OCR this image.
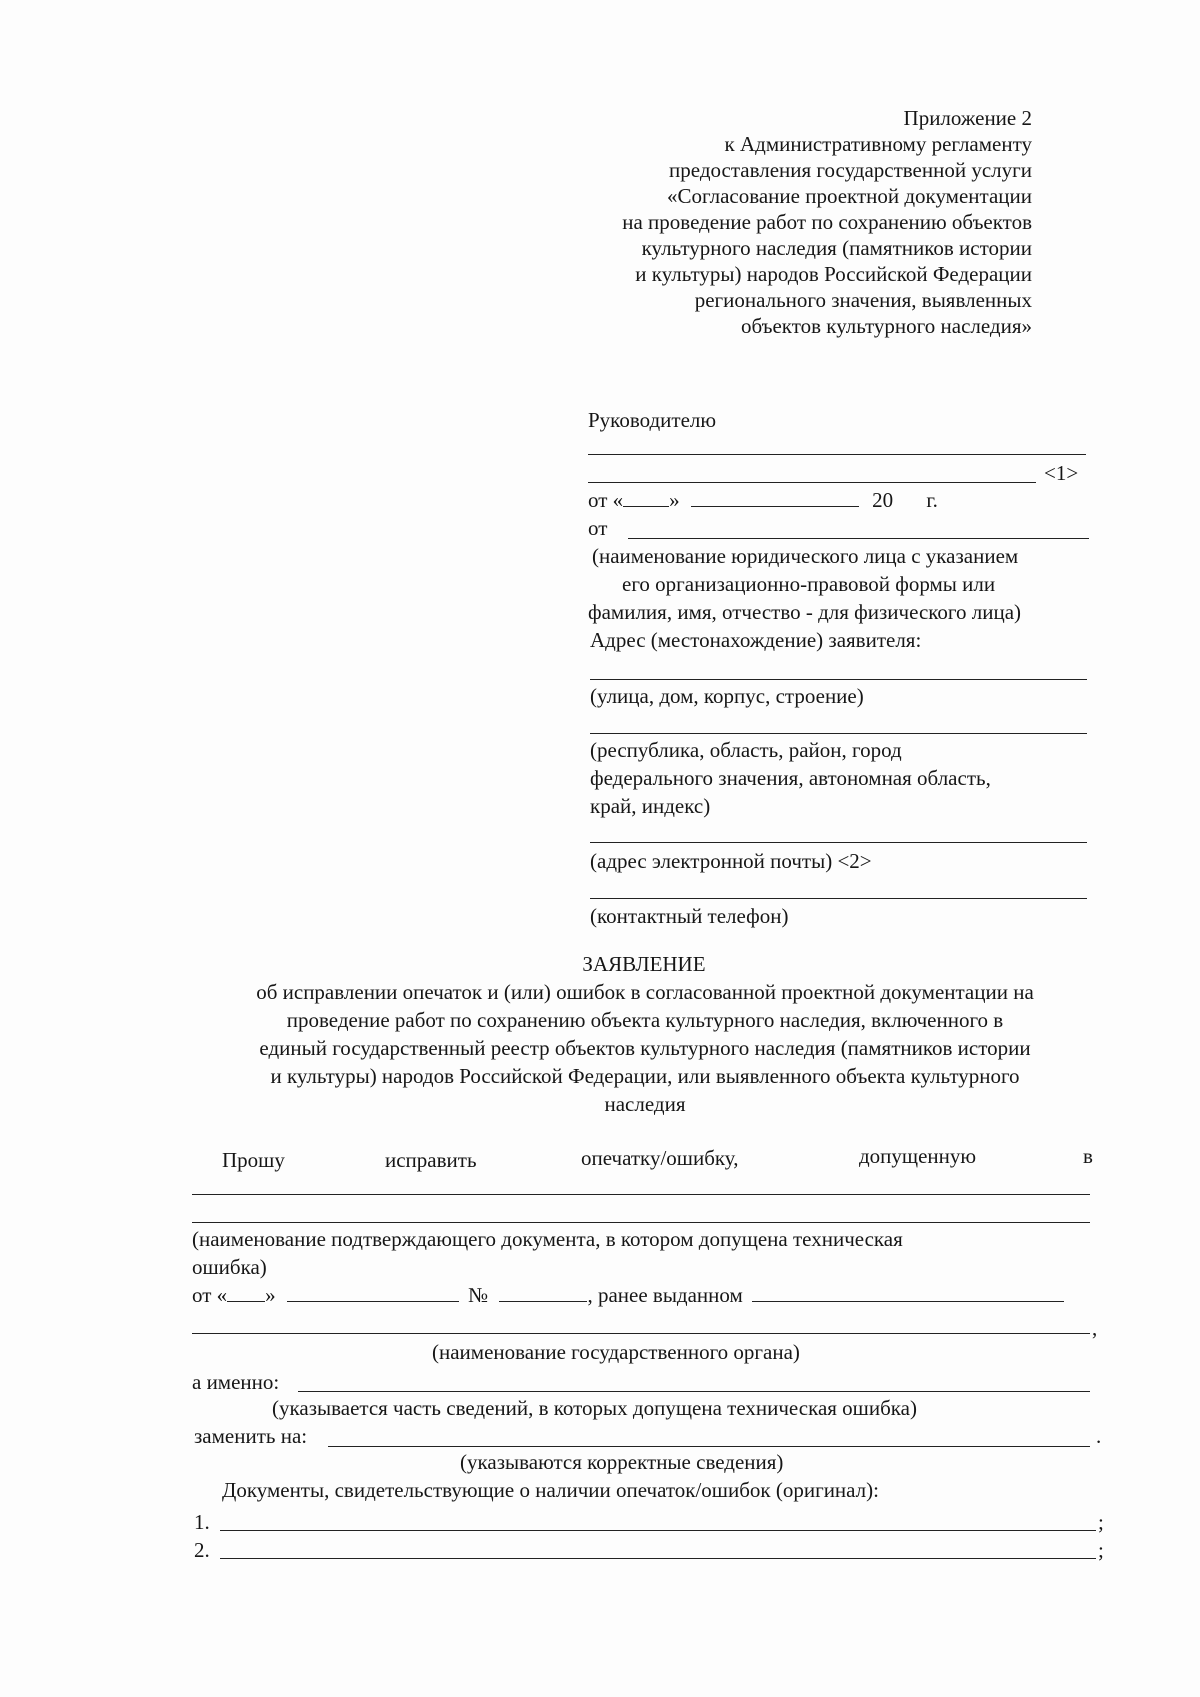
Приложение 2
к Административному регламенту
предоставления государственной услуги
«Согласование проектной документации
на проведение работ по сохранению объектов
культурного наследия (памятников истории
и культуры) народов Российской Федерации
регионального значения, выявленных
объектов культурного наследия»
Руководителю
<1>
от « »	20 г.
от
(наименование юридического лица с указанием
его организационно-правовой формы или
фамилия, имя, отчество - для физического лица)
Адрес (местонахождение) заявителя:
(улица, дом, корпус, строение)
(республика, область, район, город
федерального значения, автономная область,
край, индекс)
(адрес электронной почты) <2>
(контактный телефон)
ЗАЯВЛЕНИЕ
об исправлении опечаток и (или) ошибок в согласованной проектной документации на
проведение работ по сохранению объекта культурного наследия, включенного в
единый государственный реестр объектов культурного наследия (памятников истории
и культуры) народов Российской Федерации, или выявленного объекта культурного
наследия
Прошу	исправить	опечатку/ошибку,	допущенную	в
(наименование подтверждающего документа, в котором допущена техническая
ошибка)
от « »	№	, ранее выданном
,
(наименование государственного органа)
а именно:
(указывается часть сведений, в которых допущена техническая ошибка)
заменить на:	.
(указываются корректные сведения)
Документы, свидетельствующие о наличии опечаток/ошибок (оригинал):
1.	;
2.	;
